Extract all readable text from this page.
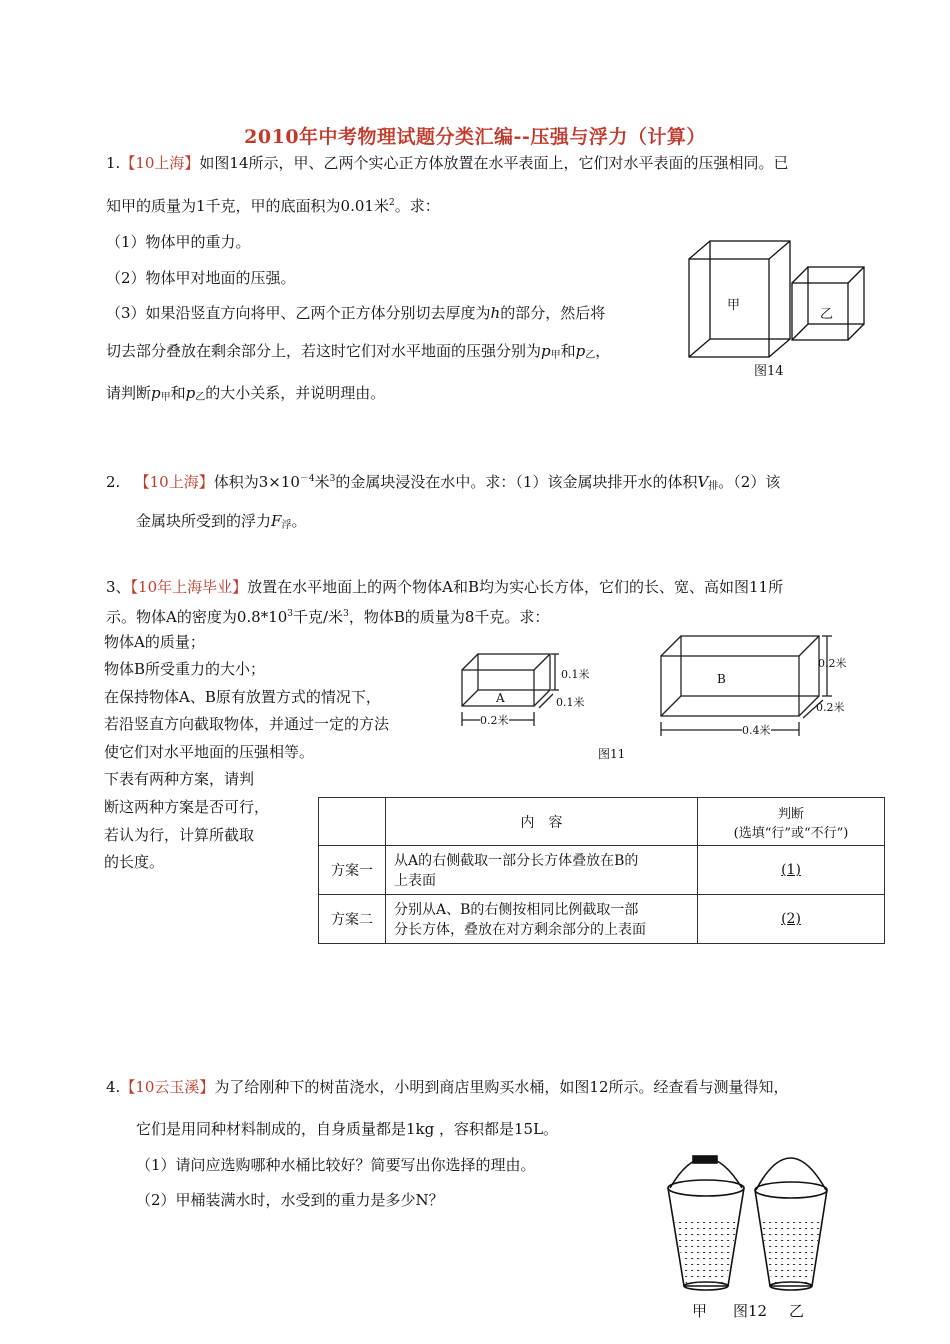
2010年中考物理试题分类汇编--压强与浮力（计算）
1.【10上海】如图14所示，甲、乙两个实心正方体放置在水平表面上，它们对水平表面的压强相同。已
知甲的质量为1千克，甲的底面积为0.01米$^2$。求：
（1）物体甲的重力。
（2）物体甲对地面的压强。
（3）如果沿竖直方向将甲、乙两个正方体分别切去厚度为h的部分，然后将
切去部分叠放在剩余部分上，若这时它们对水平地面的压强分别为$p_甲$和$p_乙$，
请判断$p_甲$和$p_乙$的大小关系，并说明理由。
甲
乙
图14
2. 【10上海】体积为$3\times 10^{-4}$米$^3$的金属块浸没在水中。求：（1）该金属块排开水的体积$V_排$。（2）该
金属块所受到的浮力$F_浮$。
3、【10年上海毕业】放置在水平地面上的两个物体A和B均为实心长方体，它们的长、宽、高如图11所
示。物体A的密度为$0.8*10^3$千克/米$^3$，物体B的质量为8千克。求：
物体A的质量；
物体B所受重力的大小；
在保持物体A、B原有放置方式的情况下，
若沿竖直方向截取物体，并通过一定的方法
使它们对水平地面的压强相等。
下表有两种方案，请判
断这两种方案是否可行，
若认为行，计算所截取
的长度。
A
0.1米
0.1米
0.2米
B
0.2米
0.2米
0.4米
图11
	内　容	判断
(选填“行”或“不行”)

方案一	从A的右侧截取一部分长方体叠放在B的
上表面	(1)
方案二	分别从A、B的右侧按相同比例截取一部
分长方体，叠放在对方剩余部分的上表面	(2)
4.【10云玉溪】为了给刚种下的树苗浇水，小明到商店里购买水桶，如图12所示。经查看与测量得知，
它们是用同种材料制成的，自身质量都是1kg ，容积都是15L。
（1）请问应选购哪种水桶比较好？简要写出你选择的理由。
（2）甲桶装满水时，水受到的重力是多少N？
甲 图12 乙
